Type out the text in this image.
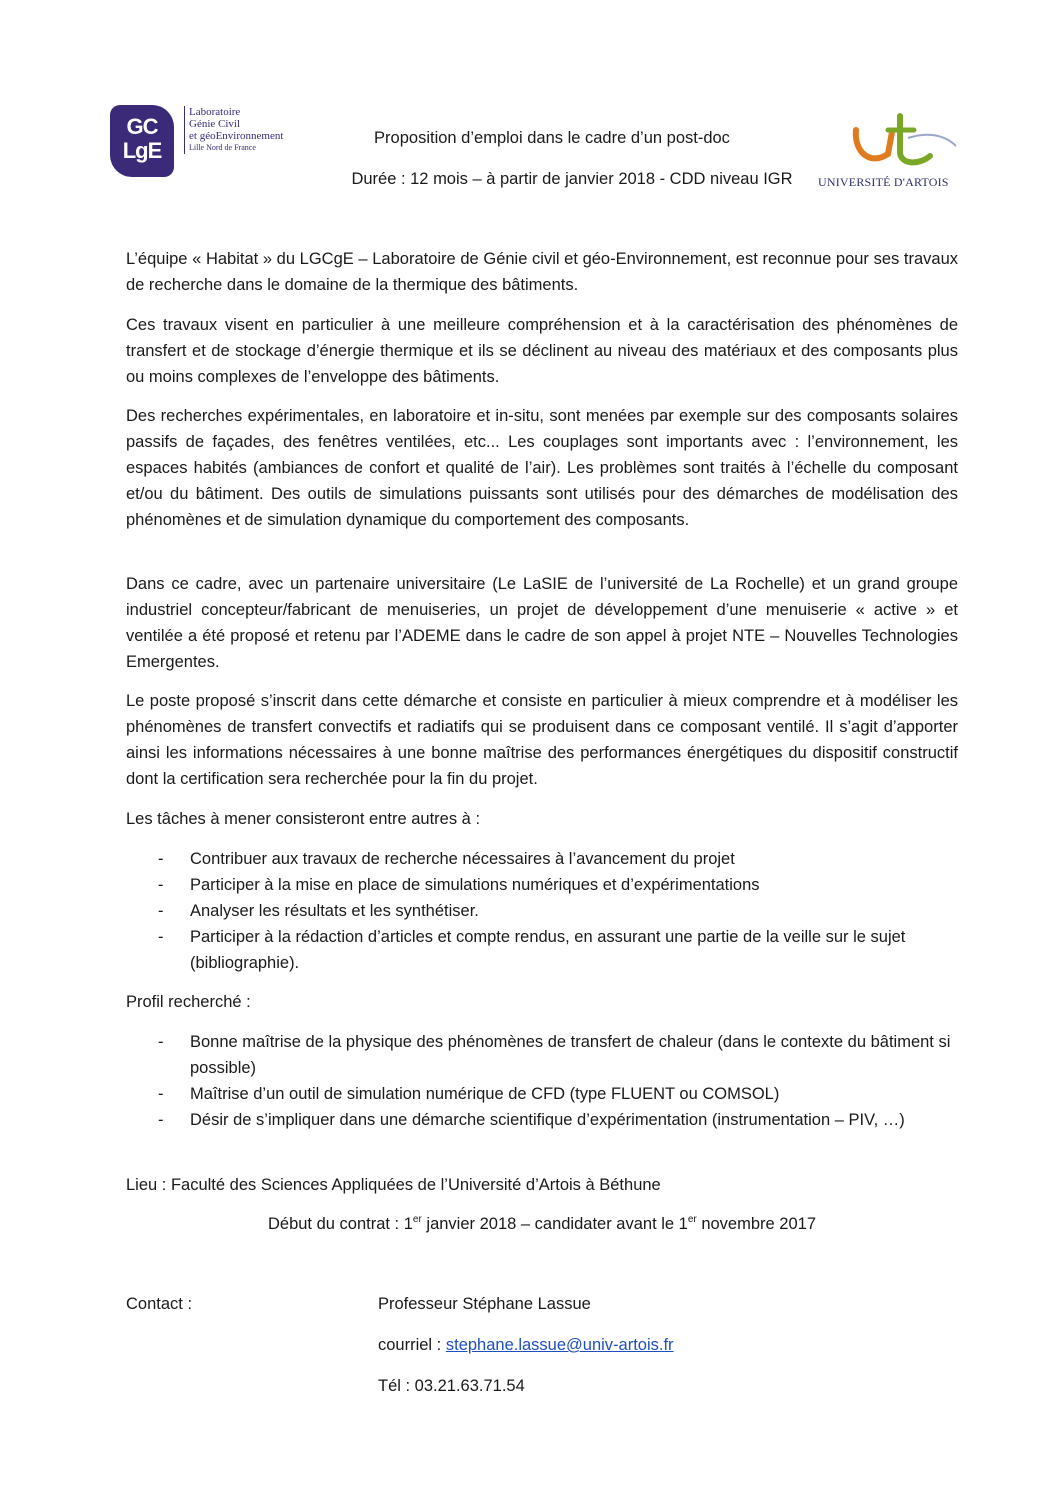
GC
LgE
Laboratoire
Génie Civil
et géoEnvironnement
Lille Nord de France
UNIVERSITÉ D'ARTOIS
Proposition d’emploi dans le cadre d’un post-doc
Durée : 12 mois – à partir de janvier 2018 - CDD niveau IGR
L’équipe « Habitat » du LGCgE – Laboratoire de Génie civil et géo-Environnement, est reconnue pour ses travaux de recherche dans le domaine de la thermique des bâtiments.
Ces travaux visent en particulier à une meilleure compréhension et à la caractérisation des phénomènes de transfert et de stockage d’énergie thermique et ils se déclinent au niveau des matériaux et des composants plus ou moins complexes de l’enveloppe des bâtiments.
Des recherches expérimentales, en laboratoire et in-situ, sont menées par exemple sur des composants solaires passifs de façades, des fenêtres ventilées, etc... Les couplages sont importants avec : l’environnement, les espaces habités (ambiances de confort et qualité de l’air). Les problèmes sont traités à l’échelle du composant et/ou du bâtiment. Des outils de simulations puissants sont utilisés pour des démarches de modélisation des phénomènes et de simulation dynamique du comportement des composants.
Dans ce cadre, avec un partenaire universitaire (Le LaSIE de l’université de La Rochelle) et un grand groupe industriel concepteur/fabricant de menuiseries, un projet de développement d’une menuiserie « active » et ventilée a été proposé et retenu par l’ADEME dans le cadre de son appel à projet NTE – Nouvelles Technologies Emergentes.
Le poste proposé s’inscrit dans cette démarche et consiste en particulier à mieux comprendre et à modéliser les phénomènes de transfert convectifs et radiatifs qui se produisent dans ce composant ventilé. Il s’agit d’apporter ainsi les informations nécessaires à une bonne maîtrise des performances énergétiques du dispositif constructif dont la certification sera recherchée pour la fin du projet.
Les tâches à mener consisteront entre autres à :
- Contribuer aux travaux de recherche nécessaires à l’avancement du projet
- Participer à la mise en place de simulations numériques et d’expérimentations
- Analyser les résultats et les synthétiser.
- Participer à la rédaction d’articles et compte rendus, en assurant une partie de la veille sur le sujet (bibliographie).
Profil recherché :
- Bonne maîtrise de la physique des phénomènes de transfert de chaleur (dans le contexte du bâtiment si possible)
- Maîtrise d’un outil de simulation numérique de CFD (type FLUENT ou COMSOL)
- Désir de s’impliquer dans une démarche scientifique d’expérimentation (instrumentation – PIV, …)
Lieu : Faculté des Sciences Appliquées de l’Université d’Artois à Béthune
Début du contrat : 1er janvier 2018 – candidater avant le 1er novembre 2017
Contact :	Professeur Stéphane Lassue
courriel : stephane.lassue@univ-artois.fr
Tél : 03.21.63.71.54
